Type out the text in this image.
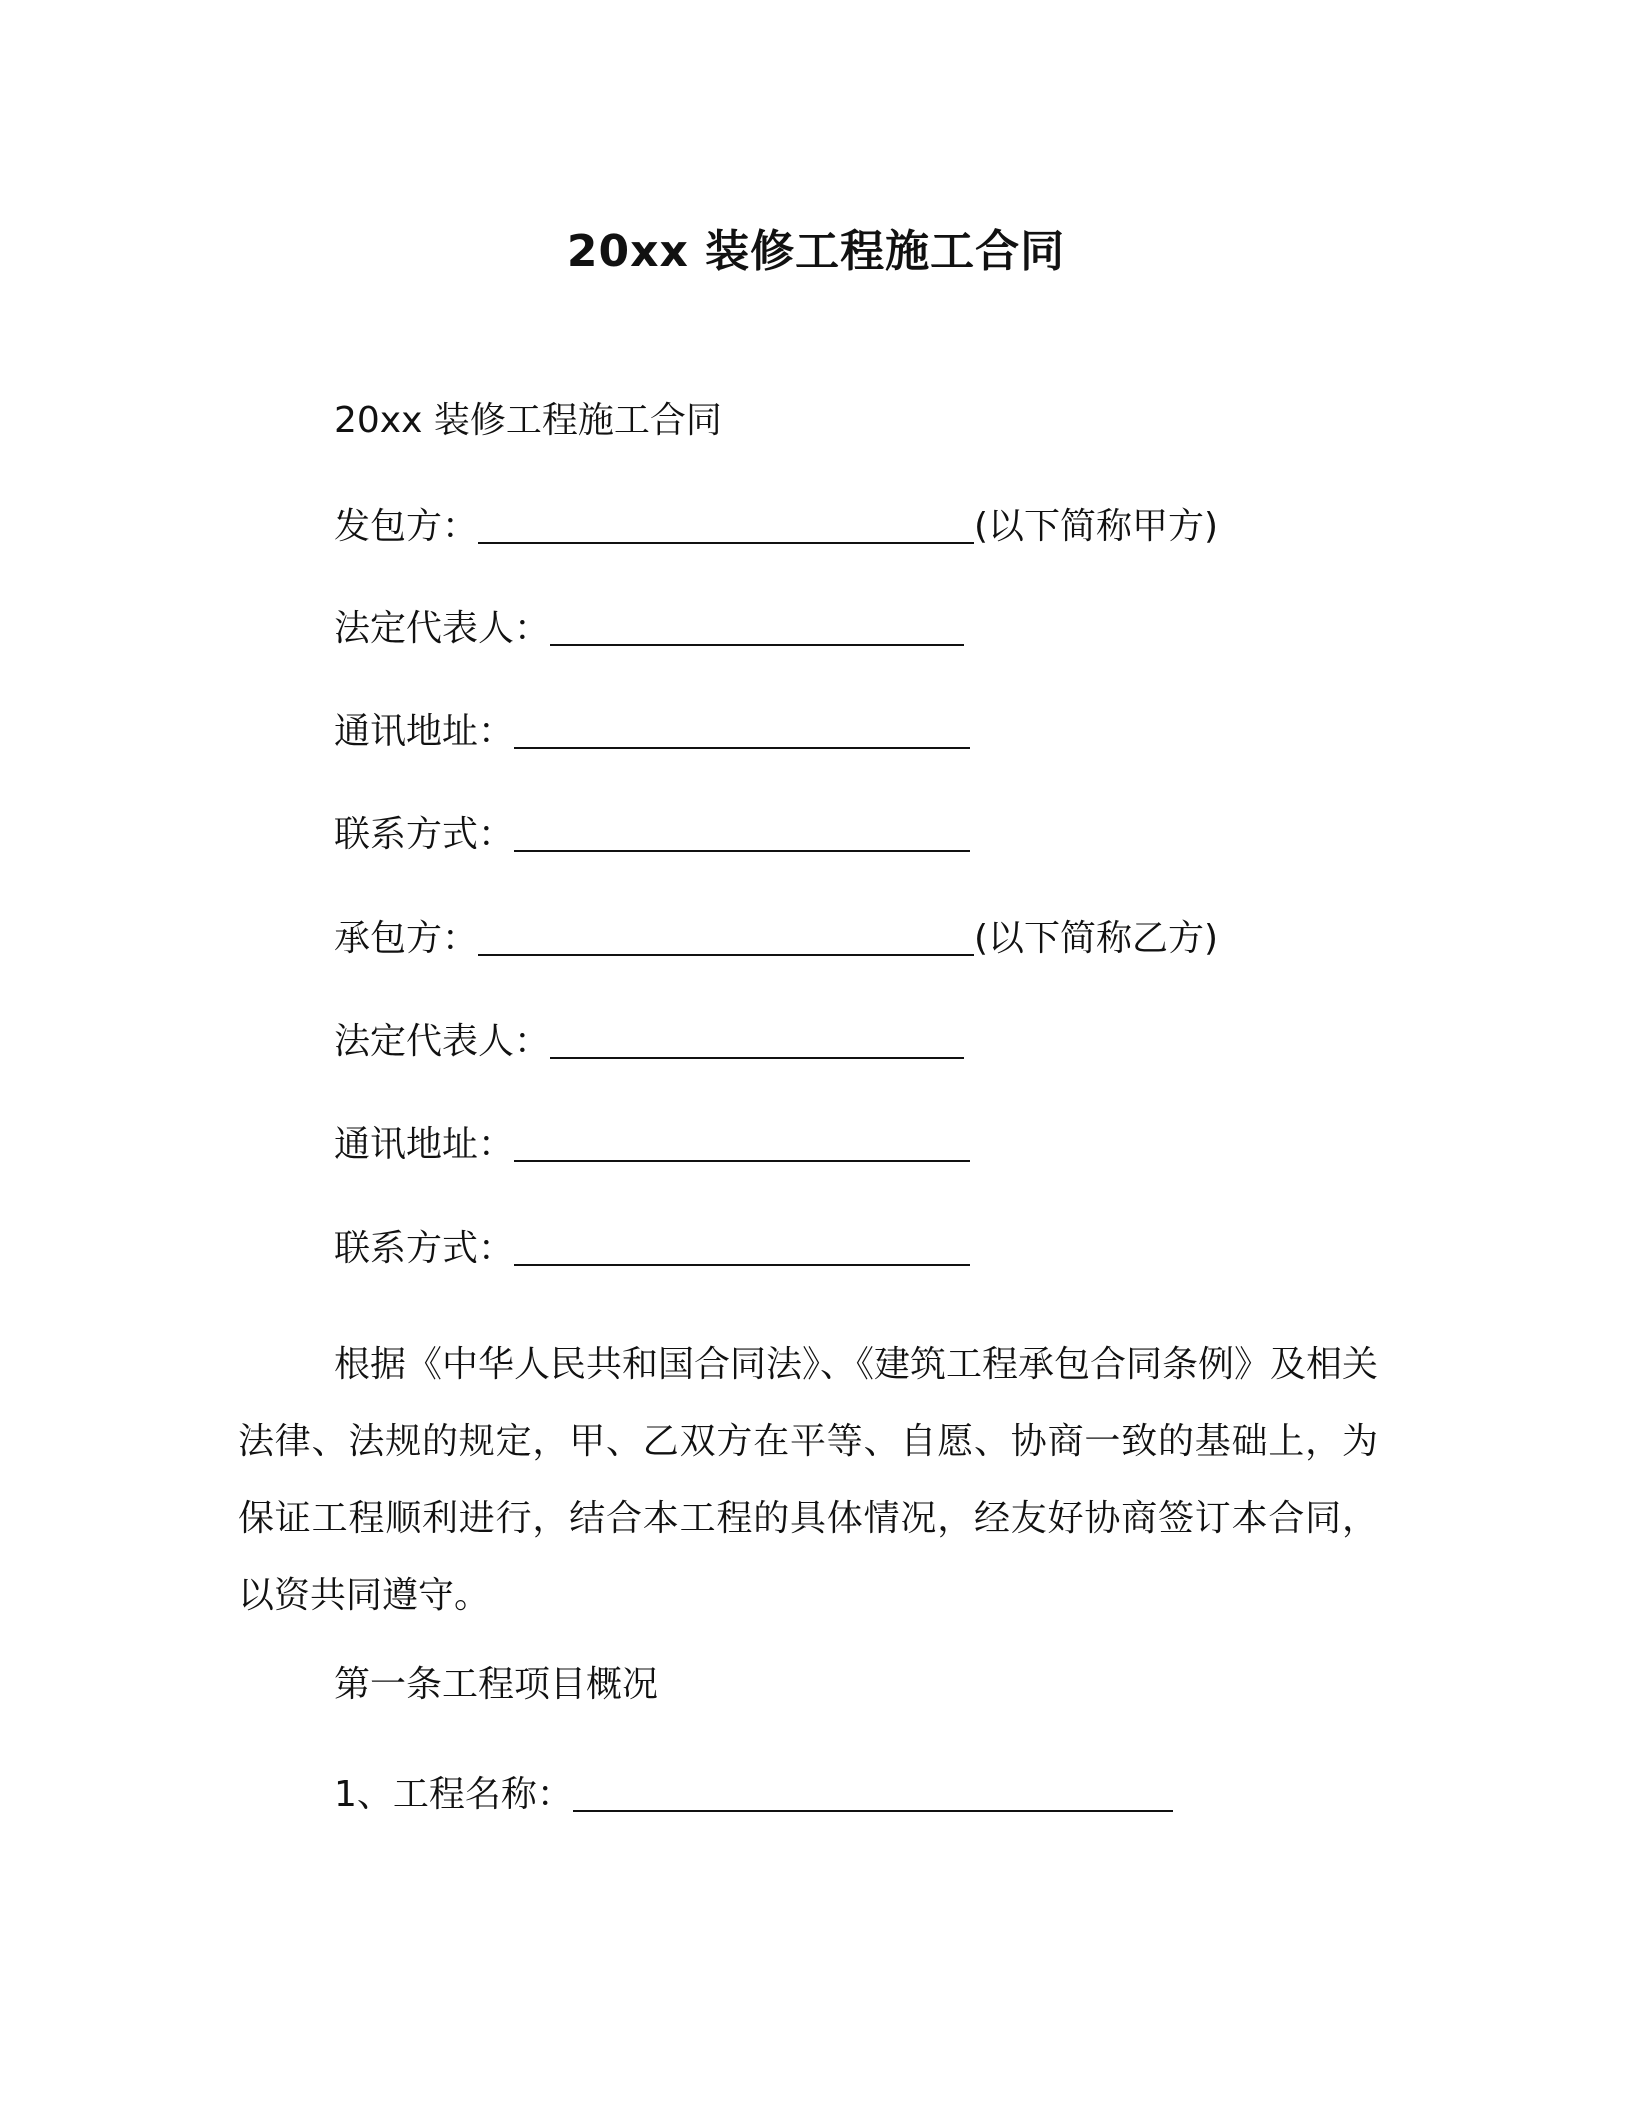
20xx 装修工程施工合同
20xx 装修工程施工合同
发包方：	(以下简称甲方)
法定代表人：
通讯地址：
联系方式：
承包方：	(以下简称乙方)
法定代表人：
通讯地址：
联系方式：
根据《中华人民共和国合同法》、《建筑工程承包合同条例》及相关法律、法规的规定，甲、乙双方在平等、自愿、协商一致的基础上，为保证工程顺利进行，结合本工程的具体情况，经友好协商签订本合同，以资共同遵守。
第一条工程项目概况
1、工程名称：
